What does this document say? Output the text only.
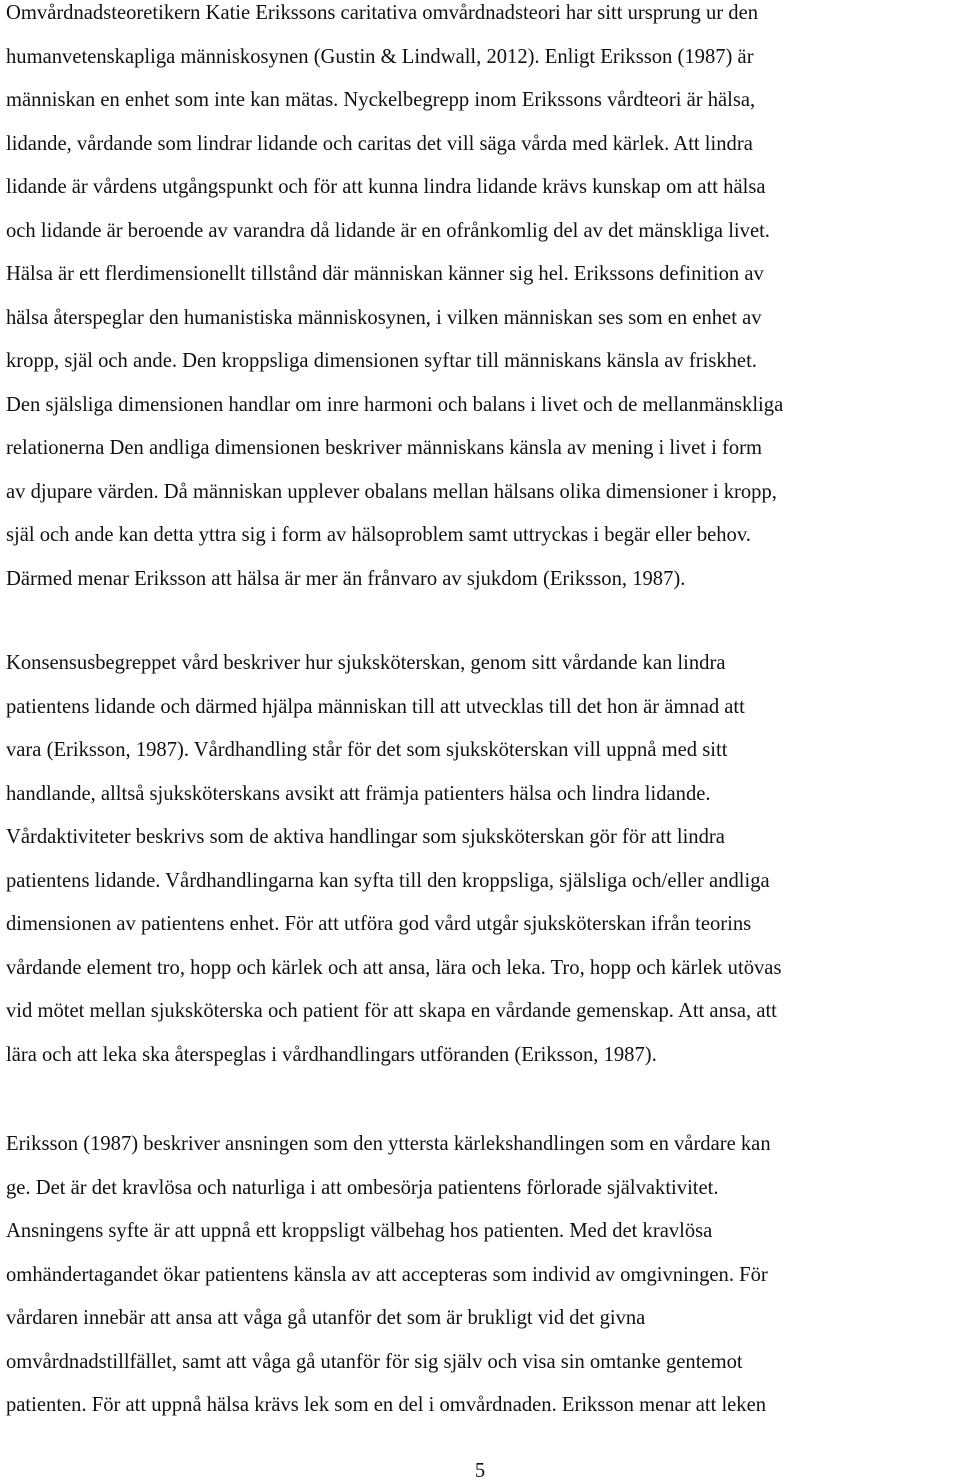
Omvårdnadsteoretikern Katie Erikssons caritativa omvårdnadsteori har sitt ursprung ur den
humanvetenskapliga människosynen (Gustin & Lindwall, 2012). Enligt Eriksson (1987) är
människan en enhet som inte kan mätas. Nyckelbegrepp inom Erikssons vårdteori är hälsa,
lidande, vårdande som lindrar lidande och caritas det vill säga vårda med kärlek. Att lindra
lidande är vårdens utgångspunkt och för att kunna lindra lidande krävs kunskap om att hälsa
och lidande är beroende av varandra då lidande är en ofrånkomlig del av det mänskliga livet.
Hälsa är ett flerdimensionellt tillstånd där människan känner sig hel. Erikssons definition av
hälsa återspeglar den humanistiska människosynen, i vilken människan ses som en enhet av
kropp, själ och ande. Den kroppsliga dimensionen syftar till människans känsla av friskhet.
Den själsliga dimensionen handlar om inre harmoni och balans i livet och de mellanmänskliga
relationerna Den andliga dimensionen beskriver människans känsla av mening i livet i form
av djupare värden. Då människan upplever obalans mellan hälsans olika dimensioner i kropp,
själ och ande kan detta yttra sig i form av hälsoproblem samt uttryckas i begär eller behov.
Därmed menar Eriksson att hälsa är mer än frånvaro av sjukdom (Eriksson, 1987).
Konsensusbegreppet vård beskriver hur sjuksköterskan, genom sitt vårdande kan lindra
patientens lidande och därmed hjälpa människan till att utvecklas till det hon är ämnad att
vara (Eriksson, 1987). Vårdhandling står för det som sjuksköterskan vill uppnå med sitt
handlande, alltså sjuksköterskans avsikt att främja patienters hälsa och lindra lidande.
Vårdaktiviteter beskrivs som de aktiva handlingar som sjuksköterskan gör för att lindra
patientens lidande. Vårdhandlingarna kan syfta till den kroppsliga, själsliga och/eller andliga
dimensionen av patientens enhet. För att utföra god vård utgår sjuksköterskan ifrån teorins
vårdande element tro, hopp och kärlek och att ansa, lära och leka. Tro, hopp och kärlek utövas
vid mötet mellan sjuksköterska och patient för att skapa en vårdande gemenskap. Att ansa, att
lära och att leka ska återspeglas i vårdhandlingars utföranden (Eriksson, 1987).
Eriksson (1987) beskriver ansningen som den yttersta kärlekshandlingen som en vårdare kan
ge. Det är det kravlösa och naturliga i att ombesörja patientens förlorade självaktivitet.
Ansningens syfte är att uppnå ett kroppsligt välbehag hos patienten. Med det kravlösa
omhändertagandet ökar patientens känsla av att accepteras som individ av omgivningen. För
vårdaren innebär att ansa att våga gå utanför det som är brukligt vid det givna
omvårdnadstillfället, samt att våga gå utanför för sig själv och visa sin omtanke gentemot
patienten. För att uppnå hälsa krävs lek som en del i omvårdnaden. Eriksson menar att leken
5
